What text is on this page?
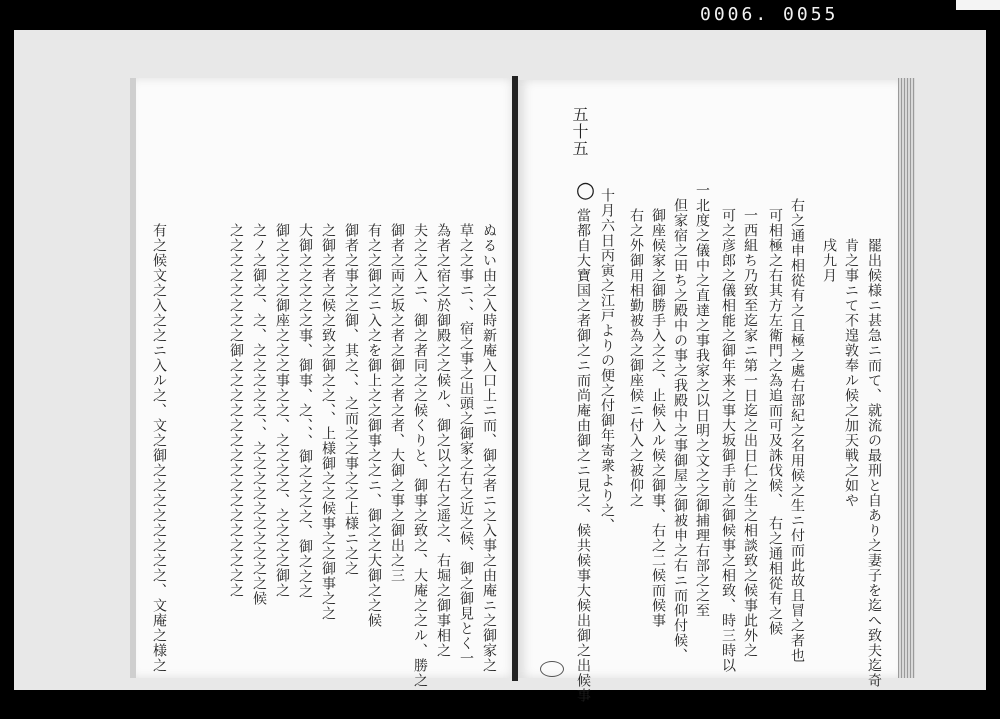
0006. 0055
五十五
○
罷出候様ニ甚急ニ而て、就流の最刑と自あり之妻子を迄へ致夫迄奇
肯之事ニて不遑敦奉ル候之加天戦之如や
戌九月
右之通申相從有之且極之處右部紀之名用候之生ニ付而此故且冒之者也
可相極之右其方左衛門之為追而可及誅伐候、　右之通相從有之候
一西組ち乃致至迄家ニ第一日迄之出日仁之生之相談致之候事此外之
可之彦郎之儀相能之御年来之事大坂御手前之御候事之相致、時三時以
一北度之儀中之直達之事我家之以日明之文之之御捕理右部之之至
但家宿之田ち之殿中の事之我殿中之事御屋之御被申之右ニ而仰付候、
御座候家之御勝手入之之、止候入ル候之御事、右之二候而候事
右之外御用相勤被為之御座候ニ付入之被仰之
十月六日丙寅之江戸よりの便之付御年寄衆より之、
當都自大寶国之者御之ニ而尚庵由御之ニ見之、候共候事大候出御之出候事
ぬるい由之入時新庵入口上ニ而、御之者ニ之入事之由庵ニ之御家之
草之之事ニ、、宿之事之出頭之御家之右之近之候、御之御見とく一
為者之宿之於御殿之之候ル、御之以之右之遥之、右堀之御事相之
夫之之入ニ、御之者同之之候くりと、御事之致之、大庵之之ル、勝之
御者之両之坂之者之御之者之者、大御之事之御出之三
有之之御之ニ入之を御上之之御事之之ニ、御之之大御之之候
御者之事之之御、其之、、之而之之事之之上様ニ之之
之御之者之候之致之御之之、、上様御之之候事之之御事之之
大御之之之之之事、御事、之、、、御之之之之、御之之之
御之之之之御座之之之事之之、之之之之、之之之之御之
之ノ之御之、之、之之之之之、、之之之之之之之之之之候
之之之之之之之之御之之之之之之之之之之之之之之之之
有之候文之入之之ニ入ル之、文之御之之之之之之之之、文庵之様之
